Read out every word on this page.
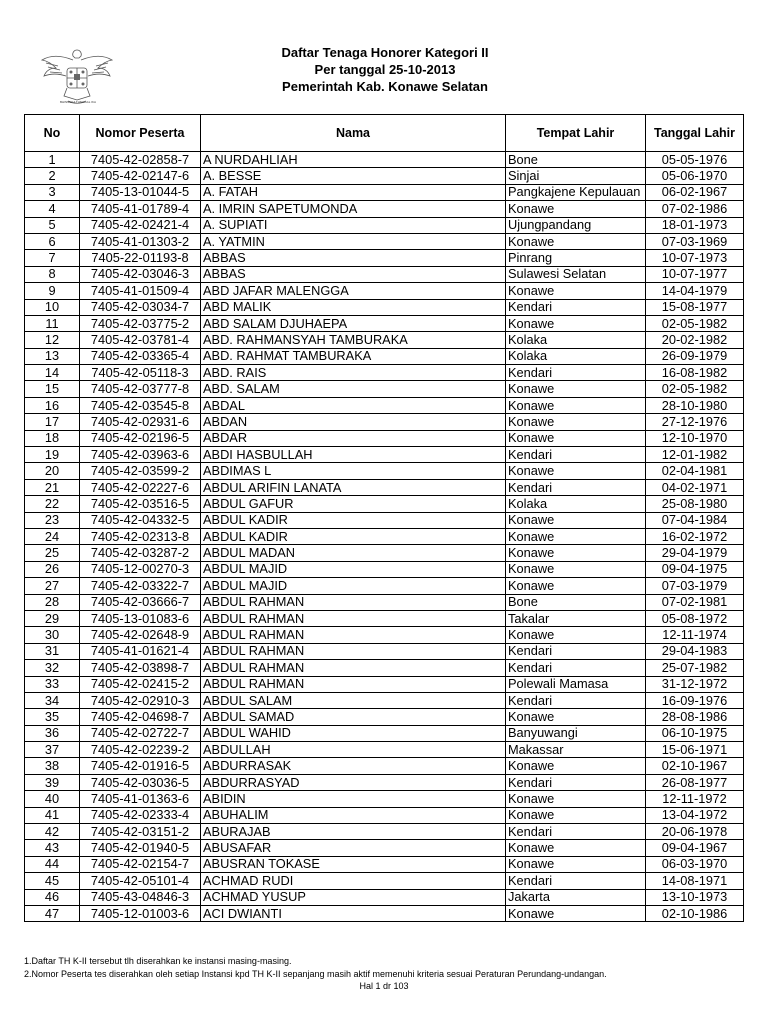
BHINNEKA TUNGGAL IKA
Daftar Tenaga Honorer Kategori II
Per tanggal 25-10-2013
Pemerintah Kab. Konawe Selatan
No	Nomor Peserta	Nama	Tempat Lahir	Tanggal Lahir
1	7405-42-02858-7	A NURDAHLIAH	Bone	05-05-1976
2	7405-42-02147-6	A. BESSE	Sinjai	05-06-1970
3	7405-13-01044-5	A. FATAH	Pangkajene Kepulauan	06-02-1967
4	7405-41-01789-4	A. IMRIN SAPETUMONDA	Konawe	07-02-1986
5	7405-42-02421-4	A. SUPIATI	Ujungpandang	18-01-1973
6	7405-41-01303-2	A. YATMIN	Konawe	07-03-1969
7	7405-22-01193-8	ABBAS	Pinrang	10-07-1973
8	7405-42-03046-3	ABBAS	Sulawesi Selatan	10-07-1977
9	7405-41-01509-4	ABD JAFAR MALENGGA	Konawe	14-04-1979
10	7405-42-03034-7	ABD MALIK	Kendari	15-08-1977
11	7405-42-03775-2	ABD SALAM DJUHAEPA	Konawe	02-05-1982
12	7405-42-03781-4	ABD. RAHMANSYAH TAMBURAKA	Kolaka	20-02-1982
13	7405-42-03365-4	ABD. RAHMAT TAMBURAKA	Kolaka	26-09-1979
14	7405-42-05118-3	ABD. RAIS	Kendari	16-08-1982
15	7405-42-03777-8	ABD. SALAM	Konawe	02-05-1982
16	7405-42-03545-8	ABDAL	Konawe	28-10-1980
17	7405-42-02931-6	ABDAN	Konawe	27-12-1976
18	7405-42-02196-5	ABDAR	Konawe	12-10-1970
19	7405-42-03963-6	ABDI HASBULLAH	Kendari	12-01-1982
20	7405-42-03599-2	ABDIMAS L	Konawe	02-04-1981
21	7405-42-02227-6	ABDUL ARIFIN LANATA	Kendari	04-02-1971
22	7405-42-03516-5	ABDUL GAFUR	Kolaka	25-08-1980
23	7405-42-04332-5	ABDUL KADIR	Konawe	07-04-1984
24	7405-42-02313-8	ABDUL KADIR	Konawe	16-02-1972
25	7405-42-03287-2	ABDUL MADAN	Konawe	29-04-1979
26	7405-12-00270-3	ABDUL MAJID	Konawe	09-04-1975
27	7405-42-03322-7	ABDUL MAJID	Konawe	07-03-1979
28	7405-42-03666-7	ABDUL RAHMAN	Bone	07-02-1981
29	7405-13-01083-6	ABDUL RAHMAN	Takalar	05-08-1972
30	7405-42-02648-9	ABDUL RAHMAN	Konawe	12-11-1974
31	7405-41-01621-4	ABDUL RAHMAN	Kendari	29-04-1983
32	7405-42-03898-7	ABDUL RAHMAN	Kendari	25-07-1982
33	7405-42-02415-2	ABDUL RAHMAN	Polewali Mamasa	31-12-1972
34	7405-42-02910-3	ABDUL SALAM	Kendari	16-09-1976
35	7405-42-04698-7	ABDUL SAMAD	Konawe	28-08-1986
36	7405-42-02722-7	ABDUL WAHID	Banyuwangi	06-10-1975
37	7405-42-02239-2	ABDULLAH	Makassar	15-06-1971
38	7405-42-01916-5	ABDURRASAK	Konawe	02-10-1967
39	7405-42-03036-5	ABDURRASYAD	Kendari	26-08-1977
40	7405-41-01363-6	ABIDIN	Konawe	12-11-1972
41	7405-42-02333-4	ABUHALIM	Konawe	13-04-1972
42	7405-42-03151-2	ABURAJAB	Kendari	20-06-1978
43	7405-42-01940-5	ABUSAFAR	Konawe	09-04-1967
44	7405-42-02154-7	ABUSRAN TOKASE	Konawe	06-03-1970
45	7405-42-05101-4	ACHMAD RUDI	Kendari	14-08-1971
46	7405-43-04846-3	ACHMAD YUSUP	Jakarta	13-10-1973
47	7405-12-01003-6	ACI DWIANTI	Konawe	02-10-1986
1.Daftar TH K-II tersebut tlh diserahkan ke instansi masing-masing.
2.Nomor Peserta tes diserahkan oleh setiap Instansi kpd TH K-II sepanjang masih aktif memenuhi kriteria sesuai Peraturan Perundang-undangan.
Hal 1 dr 103
